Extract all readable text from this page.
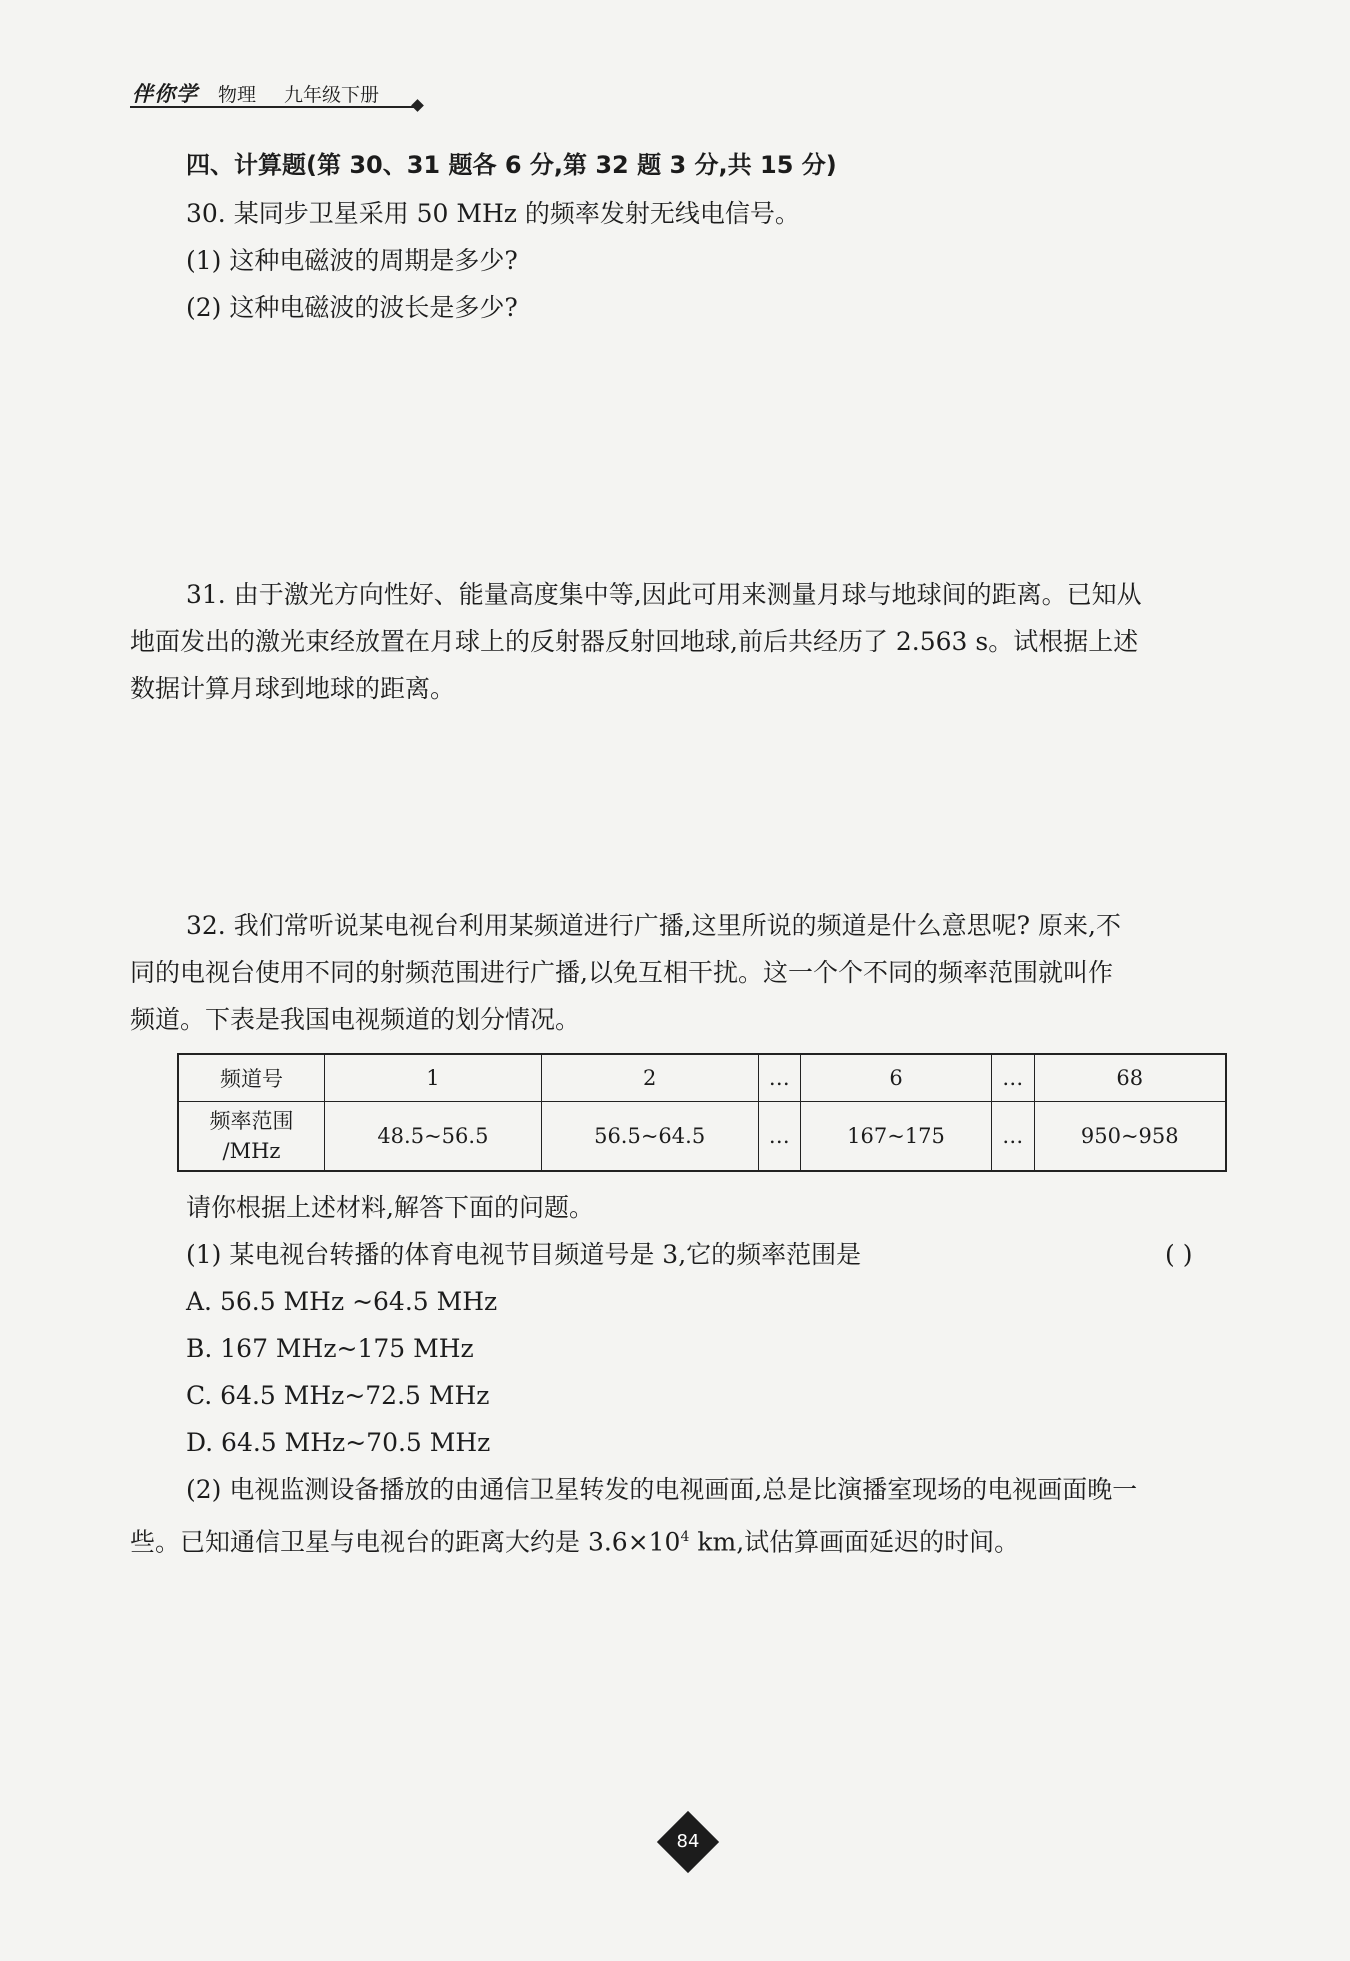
伴你学 物理 九年级下册
四、计算题(第 30、31 题各 6 分,第 32 题 3 分,共 15 分)
30. 某同步卫星采用 50 MHz 的频率发射无线电信号。
(1) 这种电磁波的周期是多少?
(2) 这种电磁波的波长是多少?
31. 由于激光方向性好、能量高度集中等,因此可用来测量月球与地球间的距离。已知从
地面发出的激光束经放置在月球上的反射器反射回地球,前后共经历了 2.563 s。试根据上述
数据计算月球到地球的距离。
32. 我们常听说某电视台利用某频道进行广播,这里所说的频道是什么意思呢? 原来,不
同的电视台使用不同的射频范围进行广播,以免互相干扰。这一个个不同的频率范围就叫作
频道。下表是我国电视频道的划分情况。
频道号	1	2	…	6	…	68

频率范围
/MHz	48.5~56.5	56.5~64.5	…	167~175	…	950~958
请你根据上述材料,解答下面的问题。
(1) 某电视台转播的体育电视节目频道号是 3,它的频率范围是	( )
A. 56.5 MHz ~64.5 MHz
B. 167 MHz~175 MHz
C. 64.5 MHz~72.5 MHz
D. 64.5 MHz~70.5 MHz
(2) 电视监测设备播放的由通信卫星转发的电视画面,总是比演播室现场的电视画面晚一
些。已知通信卫星与电视台的距离大约是 $3.6\times 10^4$ km,试估算画面延迟的时间。
84
